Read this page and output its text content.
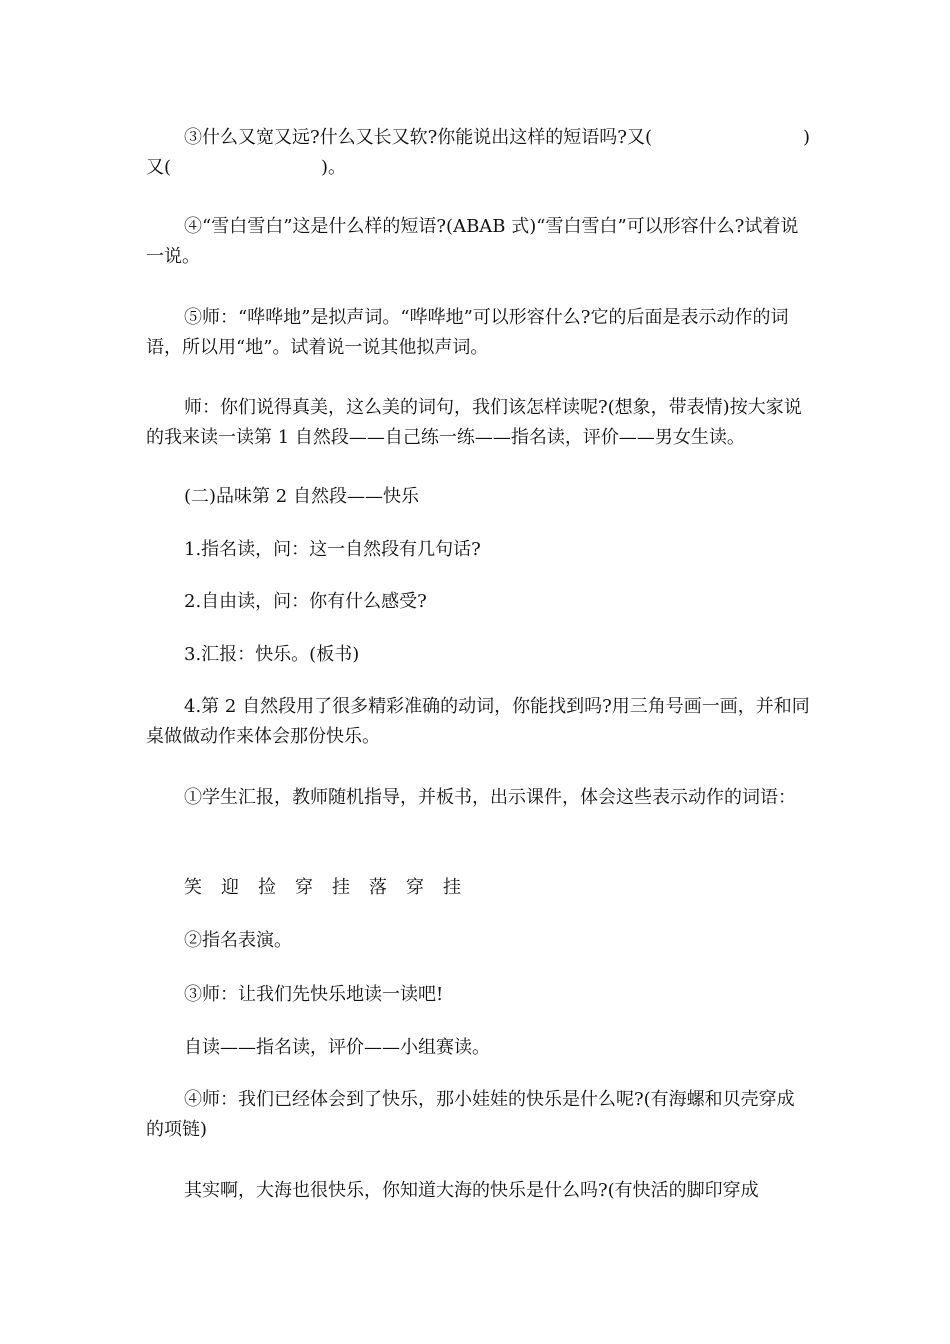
③什么又宽又远?什么又长又软?你能说出这样的短语吗?又(	)
又(	)。

④“雪白雪白”这是什么样的短语?(ABAB 式)“雪白雪白”可以形容什么?试着说一说。

⑤师：“哗哗地”是拟声词。“哗哗地”可以形容什么?它的后面是表示动作的词语，所以用“地”。试着说一说其他拟声词。

师：你们说得真美，这么美的词句，我们该怎样读呢?(想象，带表情)按大家说的我来读一读第 1 自然段——自己练一练——指名读，评价——男女生读。

(二)品味第 2 自然段——快乐

1.指名读，问：这一自然段有几句话?

2.自由读，问：你有什么感受?

3.汇报：快乐。(板书)

4.第 2 自然段用了很多精彩准确的动词，你能找到吗?用三角号画一画，并和同桌做做动作来体会那份快乐。

①学生汇报，教师随机指导，并板书，出示课件，体会这些表示动作的词语：

笑 迎 捡 穿 挂 落 穿 挂

②指名表演。

③师：让我们先快乐地读一读吧!

自读——指名读，评价——小组赛读。

④师：我们已经体会到了快乐，那小娃娃的快乐是什么呢?(有海螺和贝壳穿成的项链)

其实啊，大海也很快乐，你知道大海的快乐是什么吗?(有快活的脚印穿成
